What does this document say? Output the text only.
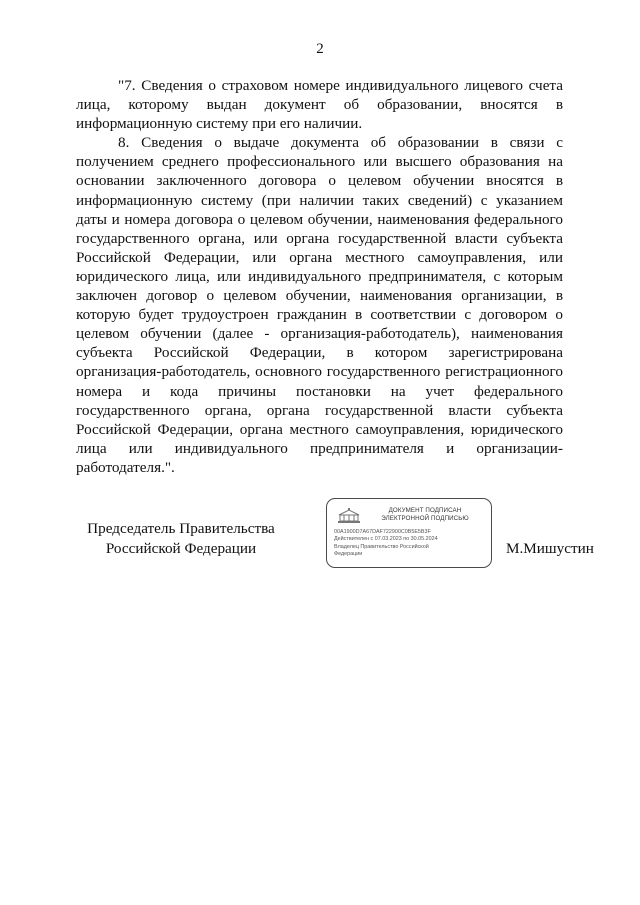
2

"7. Сведения о страховом номере индивидуального лицевого счета лица, которому выдан документ об образовании, вносятся в информационную систему при его наличии.

8. Сведения о выдаче документа об образовании в связи с получением среднего профессионального или высшего образования на основании заключенного договора о целевом обучении вносятся в информационную систему (при наличии таких сведений) с указанием даты и номера договора о целевом обучении, наименования федерального государственного органа, или органа государственной власти субъекта Российской Федерации, или органа местного самоуправления, или юридического лица, или индивидуального предпринимателя, с которым заключен договор о целевом обучении, наименования организации, в которую будет трудоустроен гражданин в соответствии с договором о целевом обучении (далее - организация-работодатель), наименования субъекта Российской Федерации, в котором зарегистрирована организация-работодатель, основного государственного регистрационного номера и кода причины постановки на учет федерального государственного органа, органа государственной власти субъекта Российской Федерации, органа местного самоуправления, юридического лица или индивидуального предпринимателя и организации-работодателя.".

Председатель Правительства
Российской Федерации
ДОКУМЕНТ ПОДПИСАН
ЭЛЕКТРОННОЙ ПОДПИСЬЮ
00A1900D7A67DAF722900C0B5E5B3F
Действителен с 07.03.2023 по 30.05.2024
Владелец Правительство Российской
Федерации	М.Мишустин
